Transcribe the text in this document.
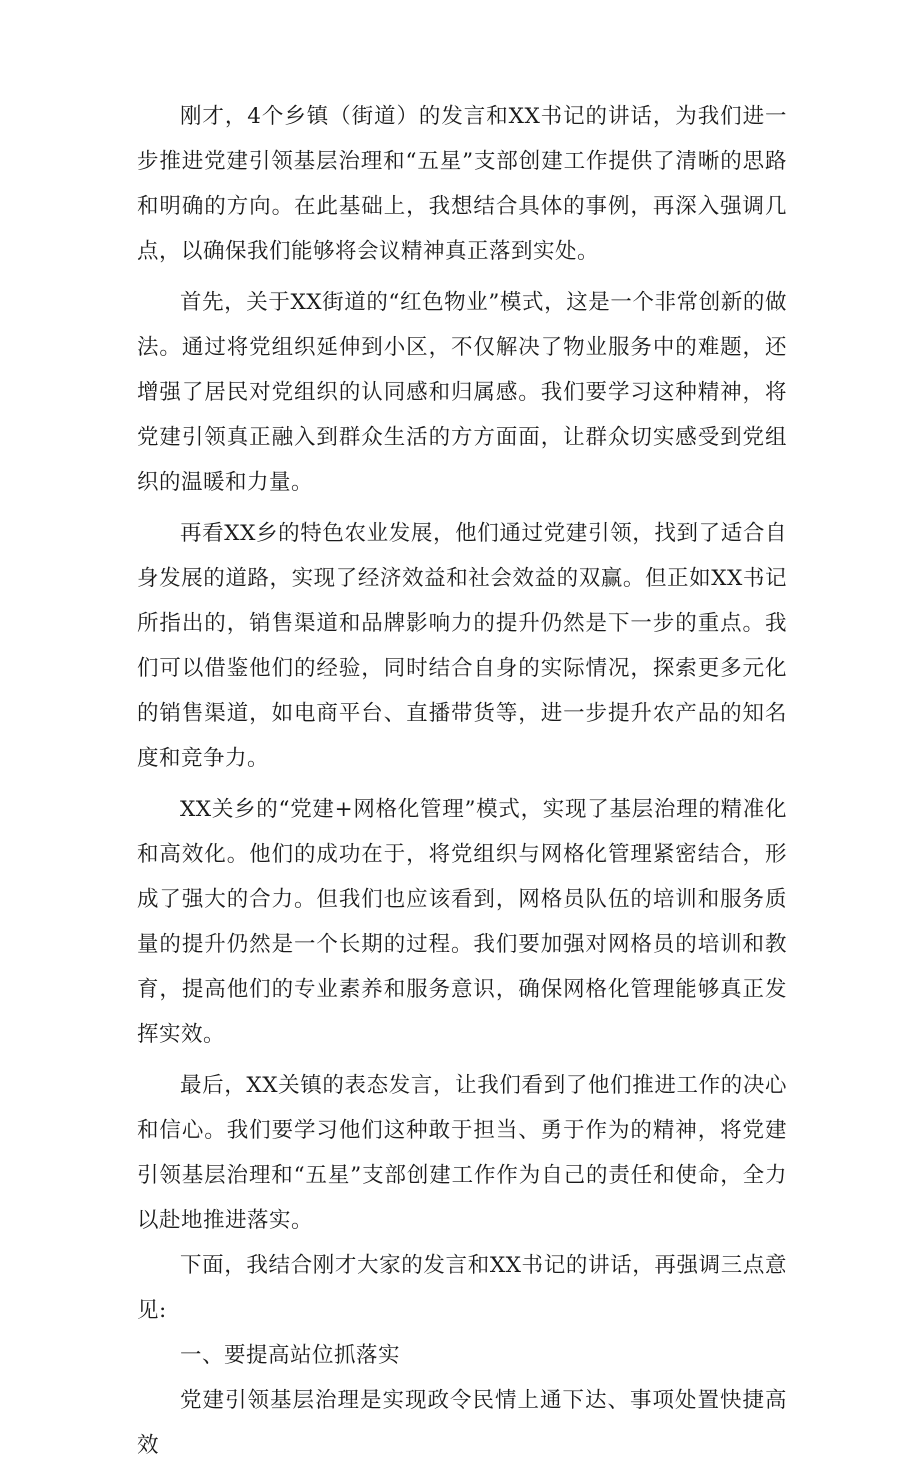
刚才，4个乡镇（街道）的发言和XX书记的讲话，为我们进一步推进党建引领基层治理和“五星”支部创建工作提供了清晰的思路和明确的方向。在此基础上，我想结合具体的事例，再深入强调几点，以确保我们能够将会议精神真正落到实处。

首先，关于XX街道的“红色物业”模式，这是一个非常创新的做法。通过将党组织延伸到小区，不仅解决了物业服务中的难题，还增强了居民对党组织的认同感和归属感。我们要学习这种精神，将党建引领真正融入到群众生活的方方面面，让群众切实感受到党组织的温暖和力量。

再看XX乡的特色农业发展，他们通过党建引领，找到了适合自身发展的道路，实现了经济效益和社会效益的双赢。但正如XX书记所指出的，销售渠道和品牌影响力的提升仍然是下一步的重点。我们可以借鉴他们的经验，同时结合自身的实际情况，探索更多元化的销售渠道，如电商平台、直播带货等，进一步提升农产品的知名度和竞争力。

XX关乡的“党建+网格化管理”模式，实现了基层治理的精准化和高效化。他们的成功在于，将党组织与网格化管理紧密结合，形成了强大的合力。但我们也应该看到，网格员队伍的培训和服务质量的提升仍然是一个长期的过程。我们要加强对网格员的培训和教育，提高他们的专业素养和服务意识，确保网格化管理能够真正发挥实效。

最后，XX关镇的表态发言，让我们看到了他们推进工作的决心和信心。我们要学习他们这种敢于担当、勇于作为的精神，将党建引领基层治理和“五星”支部创建工作作为自己的责任和使命，全力以赴地推进落实。

下面，我结合刚才大家的发言和XX书记的讲话，再强调三点意见:

一、要提高站位抓落实

党建引领基层治理是实现政令民情上通下达、事项处置快捷高效
